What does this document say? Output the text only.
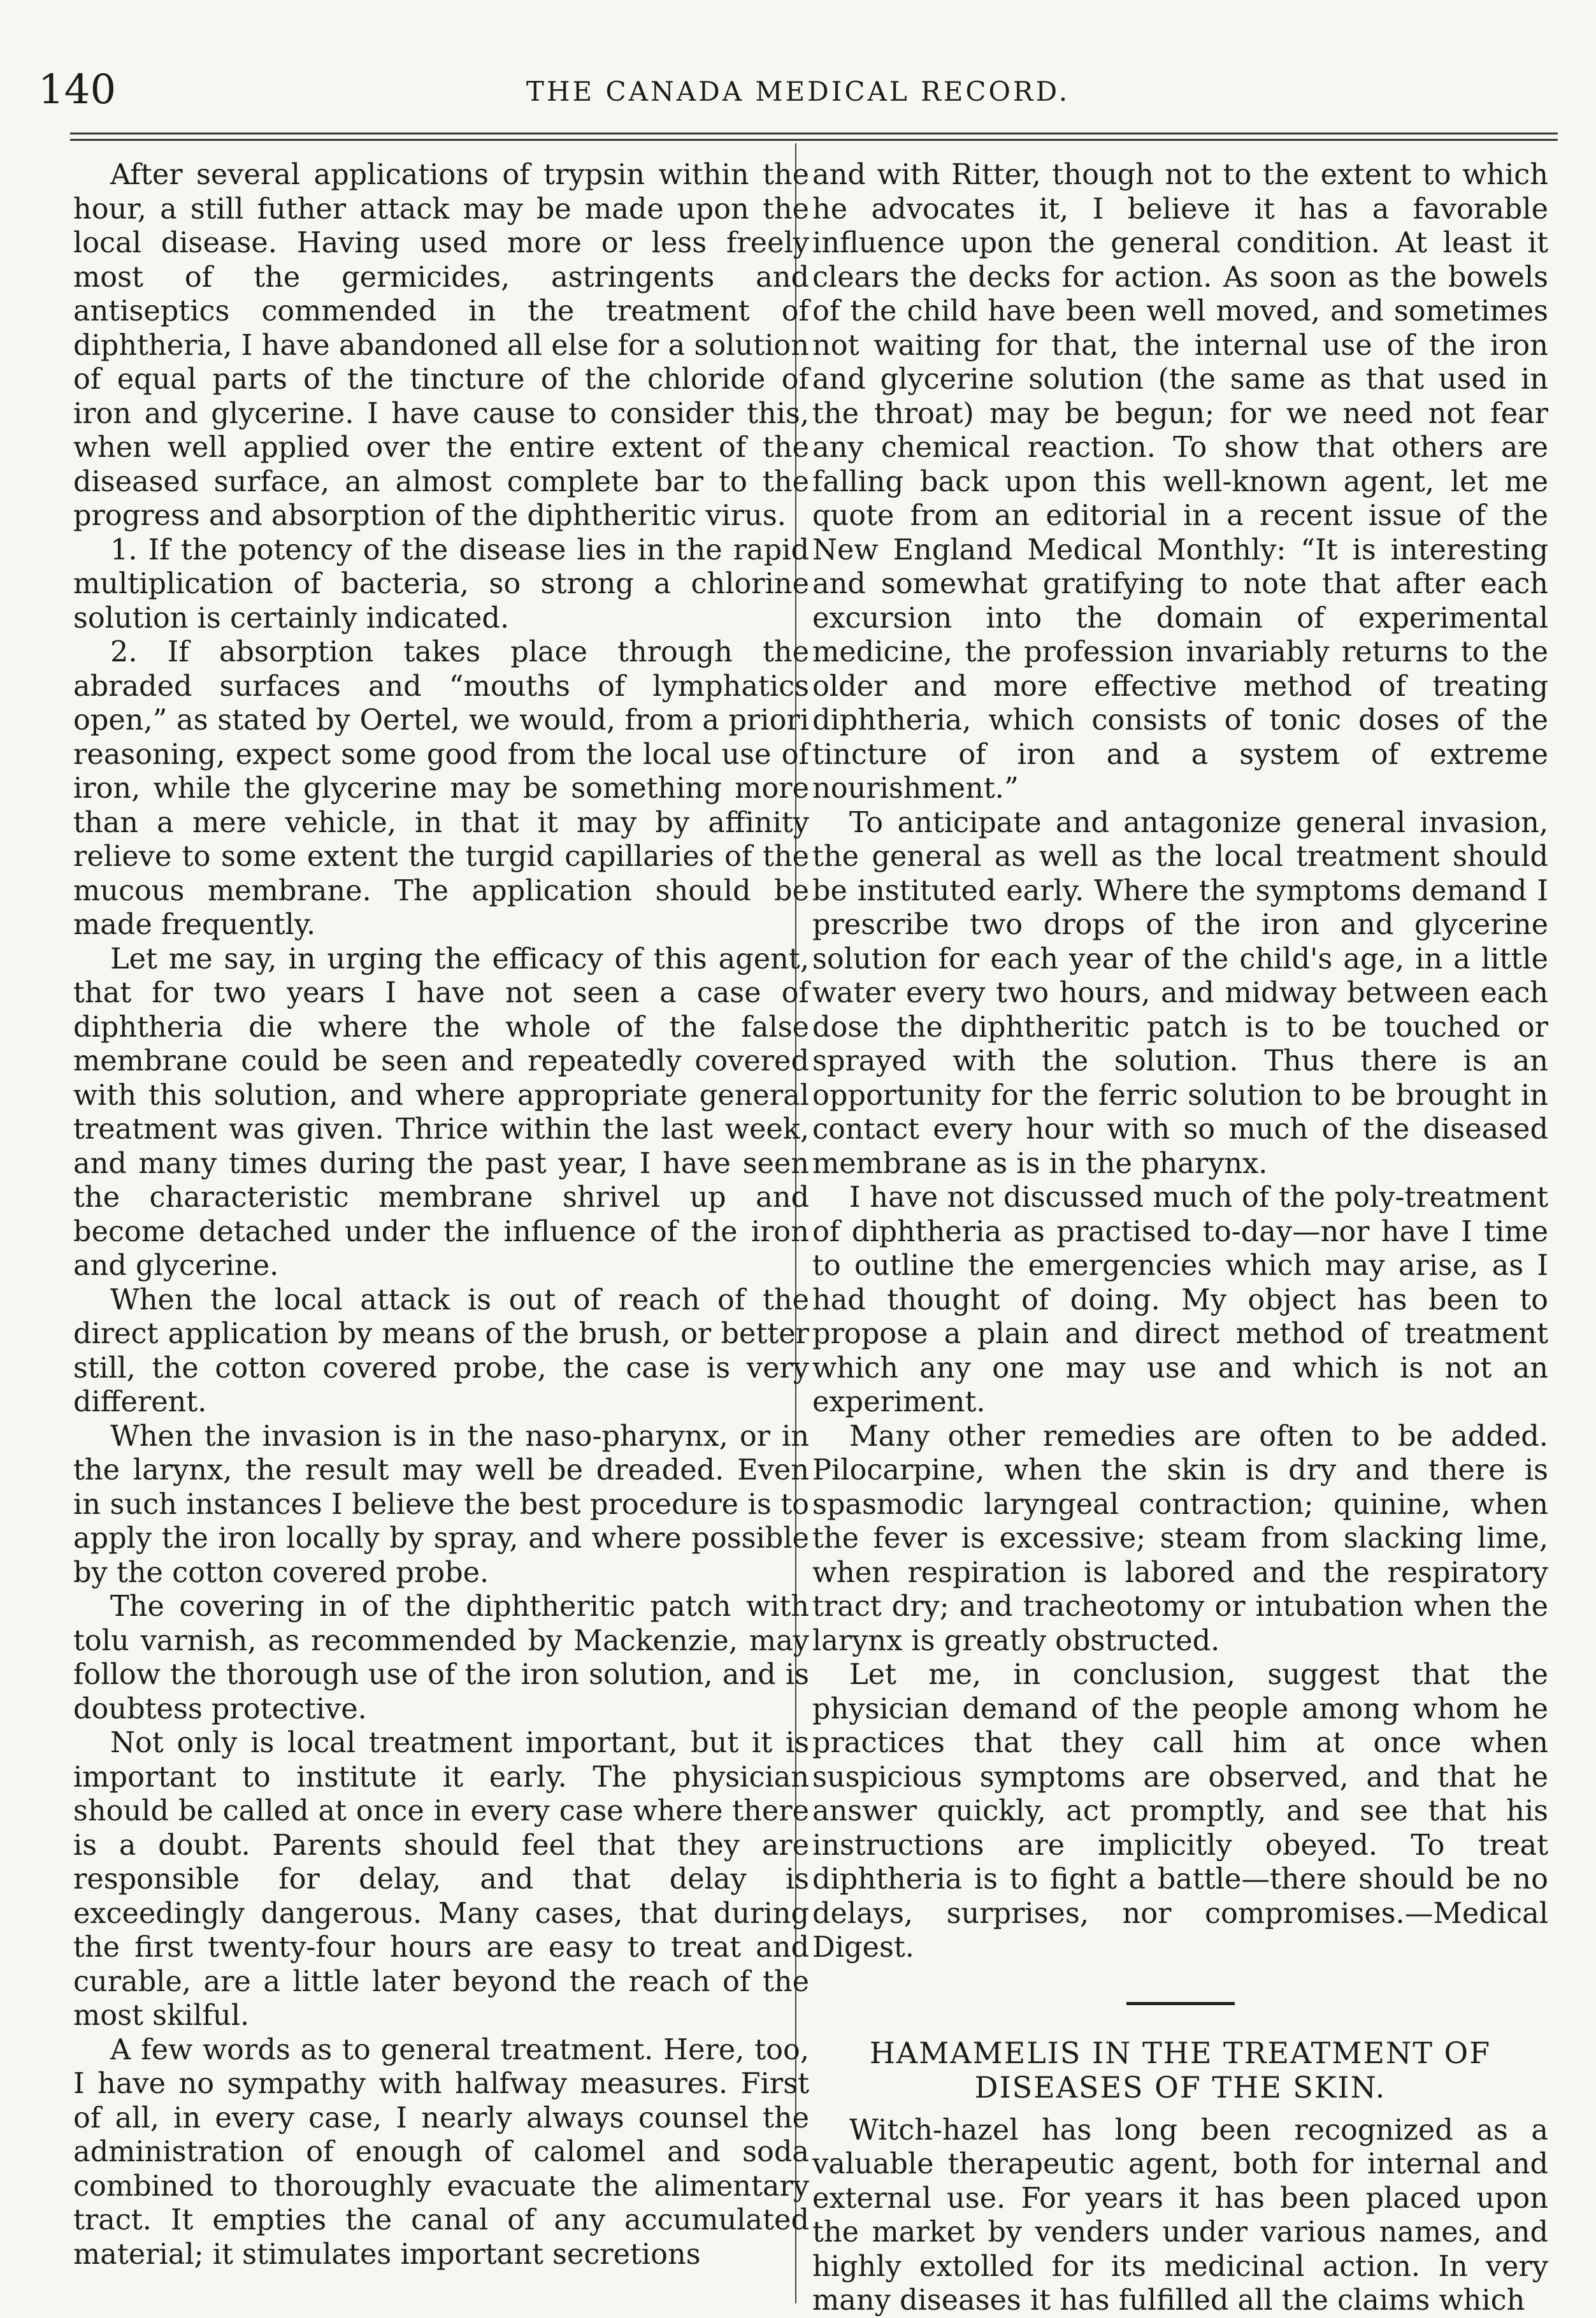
140	THE CANADA MEDICAL RECORD.

After several applications of trypsin within the hour, a still futher attack may be made upon the local disease. Having used more or less freely most of the germicides, astringents and antiseptics commended in the treatment of diphtheria, I have abandoned all else for a solution of equal parts of the tincture of the chloride of iron and glycerine. I have cause to consider this, when well applied over the entire extent of the diseased surface, an almost complete bar to the progress and absorption of the diphtheritic virus.

1. If the potency of the disease lies in the rapid multiplication of bacteria, so strong a chlorine solution is certainly indicated.

2. If absorption takes place through the abraded surfaces and “mouths of lymphatics open,” as stated by Oertel, we would, from a priori reasoning, expect some good from the local use of iron, while the glycerine may be something more than a mere vehicle, in that it may by affinity relieve to some extent the turgid capillaries of the mucous membrane. The application should be made frequently.

Let me say, in urging the efficacy of this agent, that for two years I have not seen a case of diphtheria die where the whole of the false membrane could be seen and repeatedly covered with this solution, and where appropriate general treatment was given. Thrice within the last week, and many times during the past year, I have seen the characteristic membrane shrivel up and become detached under the influence of the iron and glycerine.

When the local attack is out of reach of the direct application by means of the brush, or better still, the cotton covered probe, the case is very different.

When the invasion is in the naso-pharynx, or in the larynx, the result may well be dreaded. Even in such instances I believe the best procedure is to apply the iron locally by spray, and where possible by the cotton covered probe.

The covering in of the diphtheritic patch with tolu varnish, as recommended by Mackenzie, may follow the thorough use of the iron solution, and is doubtess protective.

Not only is local treatment important, but it is important to institute it early. The physician should be called at once in every case where there is a doubt. Parents should feel that they are responsible for delay, and that delay is exceedingly dangerous. Many cases, that during the first twenty-four hours are easy to treat and curable, are a little later beyond the reach of the most skilful.

A few words as to general treatment. Here, too, I have no sympathy with halfway measures. First of all, in every case, I nearly always counsel the administration of enough of calomel and soda combined to thoroughly evacuate the alimentary tract. It empties the canal of any accumulated material; it stimulates important secretions

and with Ritter, though not to the extent to which he advocates it, I believe it has a favorable influence upon the general condition. At least it clears the decks for action. As soon as the bowels of the child have been well moved, and sometimes not waiting for that, the internal use of the iron and glycerine solution (the same as that used in the throat) may be begun; for we need not fear any chemical reaction. To show that others are falling back upon this well-known agent, let me quote from an editorial in a recent issue of the New England Medical Monthly: “It is interesting and somewhat gratifying to note that after each excursion into the domain of experimental medicine, the profession invariably returns to the older and more effective method of treating diphtheria, which consists of tonic doses of the tincture of iron and a system of extreme nourishment.”

To anticipate and antagonize general invasion, the general as well as the local treatment should be instituted early. Where the symptoms demand I prescribe two drops of the iron and glycerine solution for each year of the child's age, in a little water every two hours, and midway between each dose the diphtheritic patch is to be touched or sprayed with the solution. Thus there is an opportunity for the ferric solution to be brought in contact every hour with so much of the diseased membrane as is in the pharynx.

I have not discussed much of the poly-treatment of diphtheria as practised to-day—nor have I time to outline the emergencies which may arise, as I had thought of doing. My object has been to propose a plain and direct method of treatment which any one may use and which is not an experiment.

Many other remedies are often to be added. Pilocarpine, when the skin is dry and there is spasmodic laryngeal contraction; quinine, when the fever is excessive; steam from slacking lime, when respiration is labored and the respiratory tract dry; and tracheotomy or intubation when the larynx is greatly obstructed.

Let me, in conclusion, suggest that the physician demand of the people among whom he practices that they call him at once when suspicious symptoms are observed, and that he answer quickly, act promptly, and see that his instructions are implicitly obeyed. To treat diphtheria is to fight a battle—there should be no delays, surprises, nor compromises.—Medical Digest.

HAMAMELIS IN THE TREATMENT OF DISEASES OF THE SKIN.

Witch-hazel has long been recognized as a valuable therapeutic agent, both for internal and external use. For years it has been placed upon the market by venders under various names, and highly extolled for its medicinal action. In very many diseases it has fulfilled all the claims which
